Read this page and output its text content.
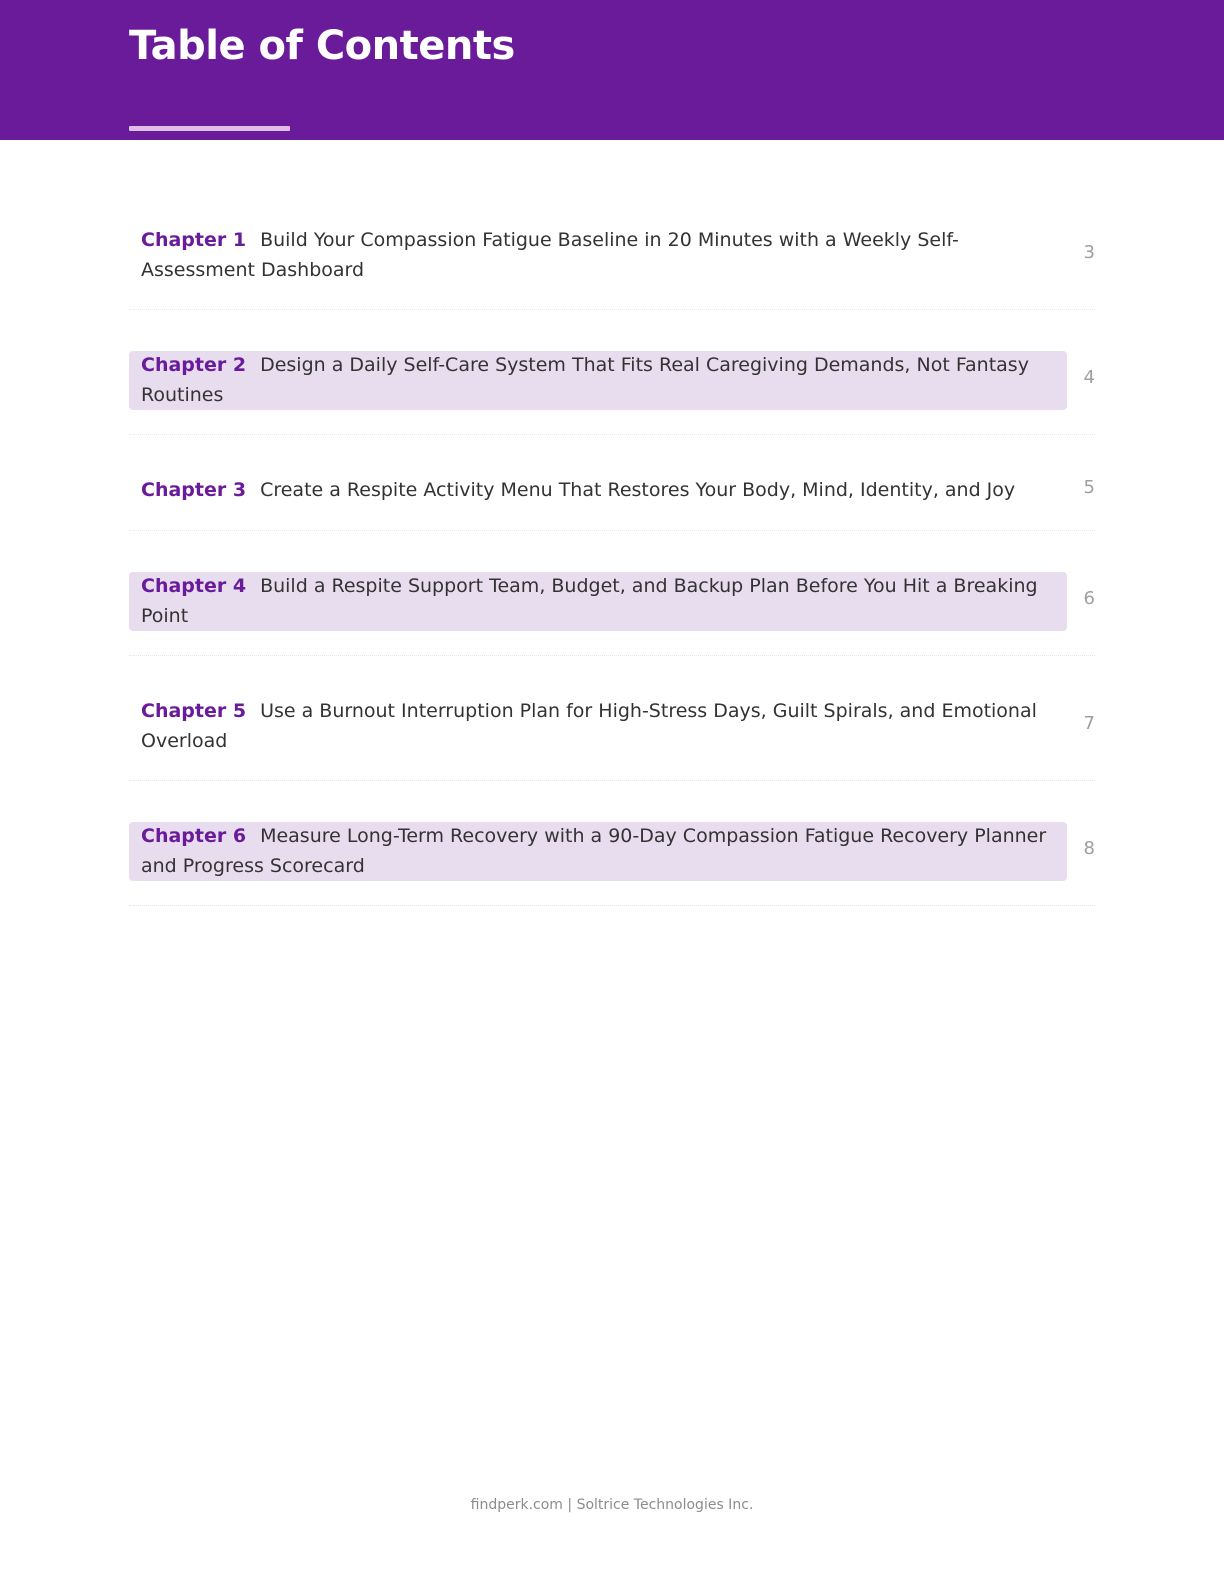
Table of Contents
Chapter 1 Build Your Compassion Fatigue Baseline in 20 Minutes with a Weekly Self-Assessment Dashboard
3
Chapter 2 Design a Daily Self-Care System That Fits Real Caregiving Demands, Not Fantasy Routines
4
Chapter 3 Create a Respite Activity Menu That Restores Your Body, Mind, Identity, and Joy	5
Chapter 4 Build a Respite Support Team, Budget, and Backup Plan Before You Hit a Breaking Point
6
Chapter 5 Use a Burnout Interruption Plan for High-Stress Days, Guilt Spirals, and Emotional Overload
7
Chapter 6 Measure Long-Term Recovery with a 90-Day Compassion Fatigue Recovery Planner and Progress Scorecard
8
findperk.com | Soltrice Technologies Inc.
